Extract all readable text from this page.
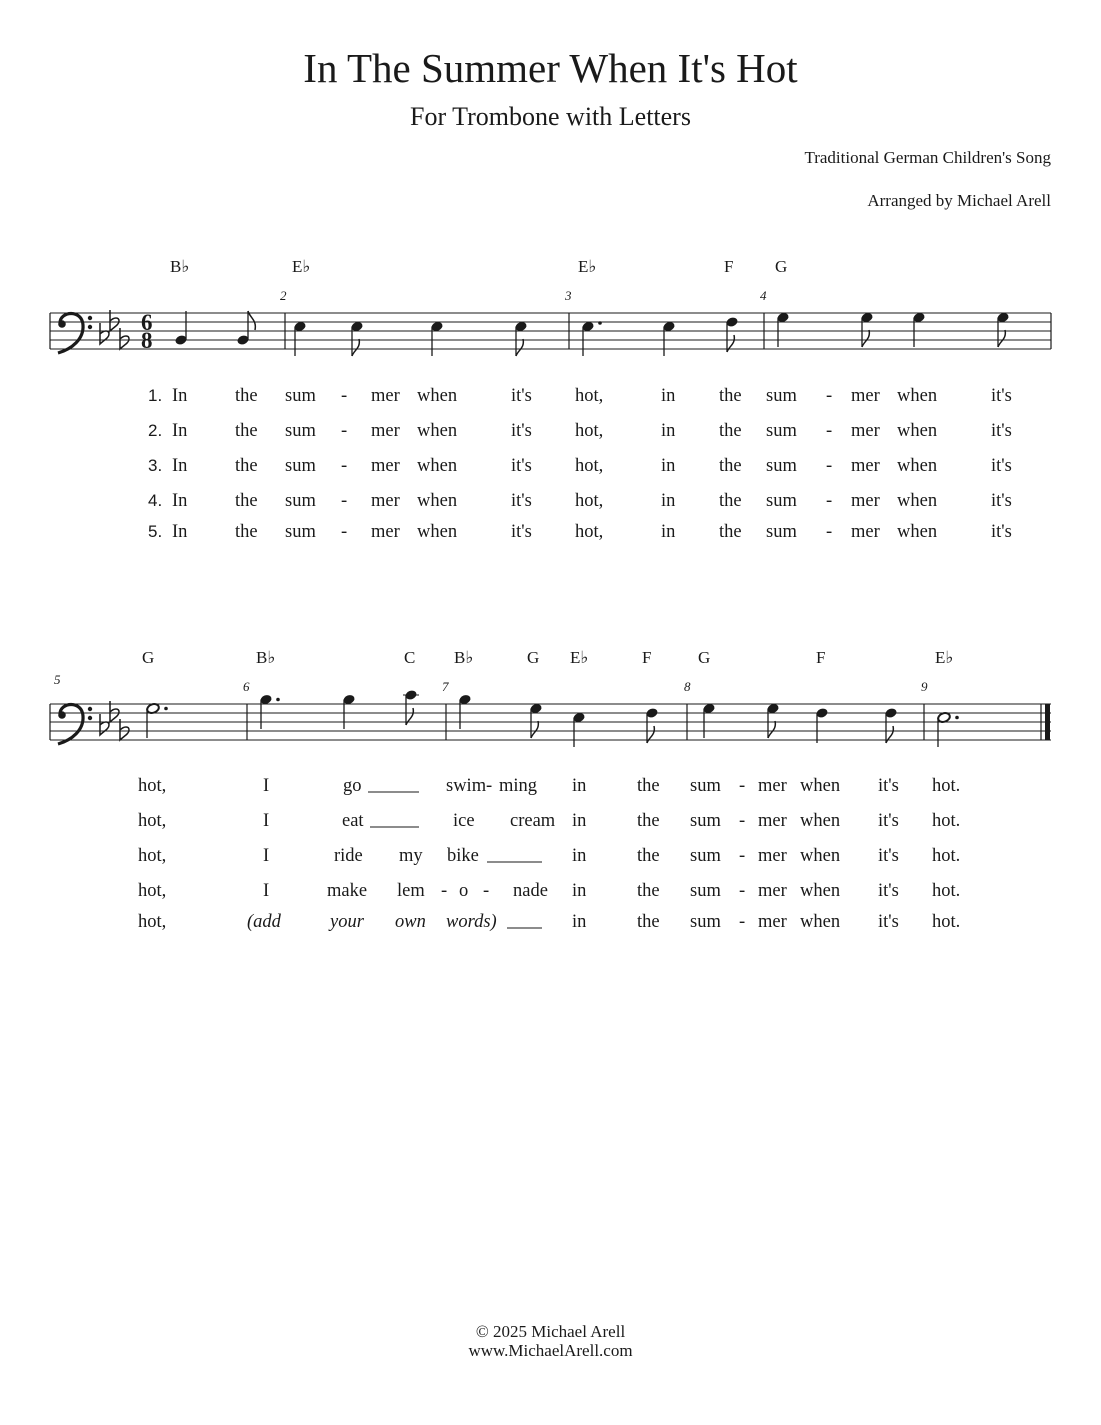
In The Summer When It's Hot
For Trombone with Letters
Traditional German Children's Song
Arranged by Michael Arell
6
8
B♭	E♭	E♭	F G
2	3	4
1.
2.
3.
4.
5.
In	the sum - mer when	it's hot,	in the sum - mer when	it's
In	the sum - mer when	it's hot,	in the sum - mer when	it's
In	the sum - mer when	it's hot,	in the sum - mer when	it's
In	the sum - mer when	it's hot,	in the sum - mer when	it's
In	the sum - mer when	it's hot,	in the sum - mer when	it's
G	B♭	C B♭	G E♭	F	G	F	E♭
5	6	7	8	9
hot,	I	go	swim - ming in	the sum - mer when it's hot.
hot,	I	eat	ice cream in	the sum - mer when it's hot.
hot,	I	ride my bike	in	the sum - mer when it's hot.
hot,	I	make lem - o - nade in	the sum - mer when it's hot.
hot,	(add	your own words)	in	the sum - mer when it's hot.
© 2025 Michael Arell
www.MichaelArell.com
